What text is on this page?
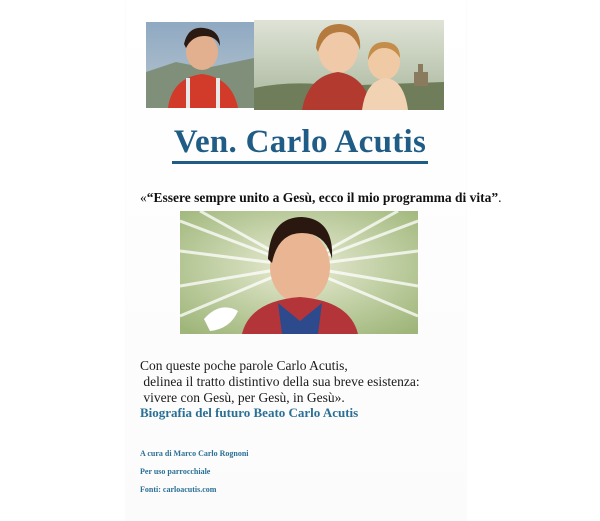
Ven. Carlo Acutis
«“Essere sempre unito a Gesù, ecco il mio programma di vita”.
Con queste poche parole Carlo Acutis,
delinea il tratto distintivo della sua breve esistenza:
vivere con Gesù, per Gesù, in Gesù».
Biografia del futuro Beato Carlo Acutis
A cura di Marco Carlo Rognoni
Per uso parrocchiale
Fonti: carloacutis.com
